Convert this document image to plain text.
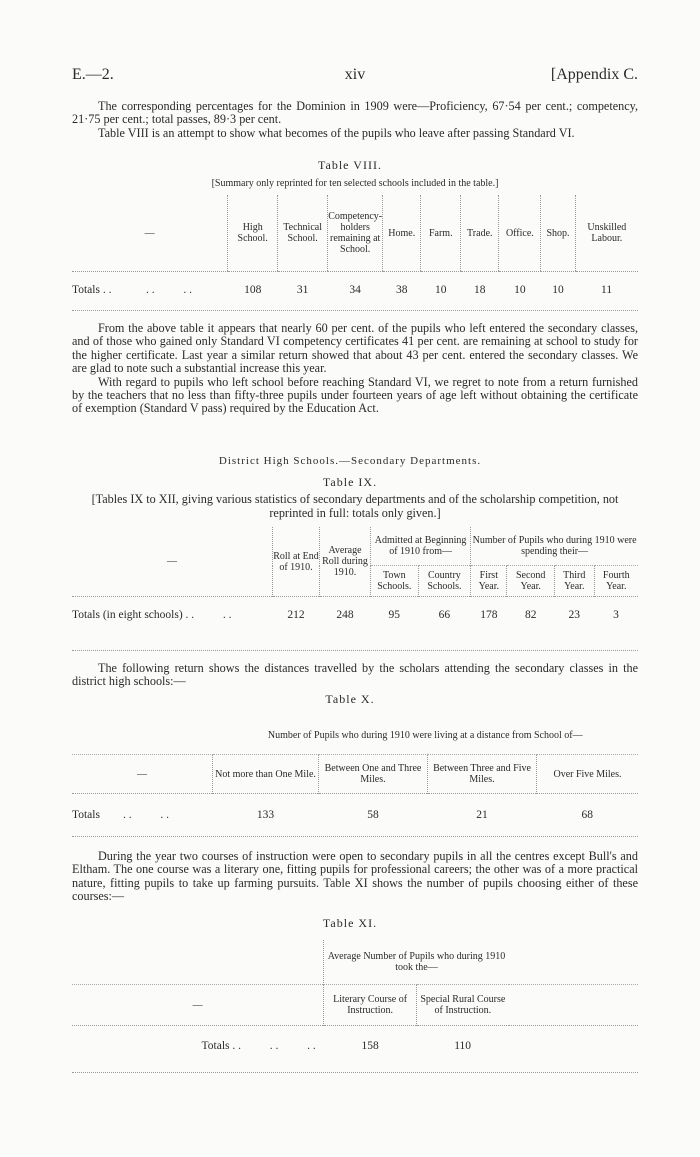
E.—2.	xiv	[Appendix C.

The corresponding percentages for the Dominion in 1909 were—Proficiency, 67·54 per cent.; competency, 21·75 per cent.; total passes, 89·3 per cent.

Table VIII is an attempt to show what becomes of the pupils who leave after passing Standard VI.

Table VIII.
[Summary only reprinted for ten selected schools included in the table.]
—	High School.	Technical School.	Competency-holders remaining at School.	Home.	Farm.	Trade.	Office.	Shop.	Unskilled Labour.
Totals . .            . .          . .	108	31	34	38	10	18	10	10	11

From the above table it appears that nearly 60 per cent. of the pupils who left entered the secondary classes, and of those who gained only Standard VI competency certificates 41 per cent. are remaining at school to study for the higher certificate. Last year a similar return showed that about 43 per cent. entered the secondary classes. We are glad to note such a substantial increase this year.

With regard to pupils who left school before reaching Standard VI, we regret to note from a return furnished by the teachers that no less than fifty-three pupils under fourteen years of age left without obtaining the certificate of exemption (Standard V pass) required by the Education Act.

District High Schools.—Secondary Departments.
Table IX.

[Tables IX to XII, giving various statistics of secondary departments and of the scholarship competition, not reprinted in full: totals only given.]

—	Roll at End of 1910.	Average Roll during 1910.	Admitted at Beginning of 1910 from—		Number of Pupils who during 1910 were spending their—			
			Town Schools.	Country Schools.	First Year.	Second Year.	Third Year.	Fourth Year.
Totals (in eight schools) . .          . .	212	248	95	66	178	82	23	3

The following return shows the distances travelled by the scholars attending the secondary classes in the district high schools:—

Table X.
	Number of Pupils who during 1910 were living at a distance from School of—			
—	Not more than One Mile.	Between One and Three Miles.	Between Three and Five Miles.	Over Five Miles.
Totals        . .          . .	133	58	21	68

During the year two courses of instruction were open to secondary pupils in all the centres except Bull's and Eltham. The one course was a literary one, fitting pupils for professional careers; the other was of a more practical nature, fitting pupils to take up farming pursuits. Table XI shows the number of pupils choosing either of these courses:—

Table XI.
	Average Number of Pupils who during 1910 took the—		
—	Literary Course of Instruction.	Special Rural Course of Instruction.	
Totals . .          . .          . .	158	110	
